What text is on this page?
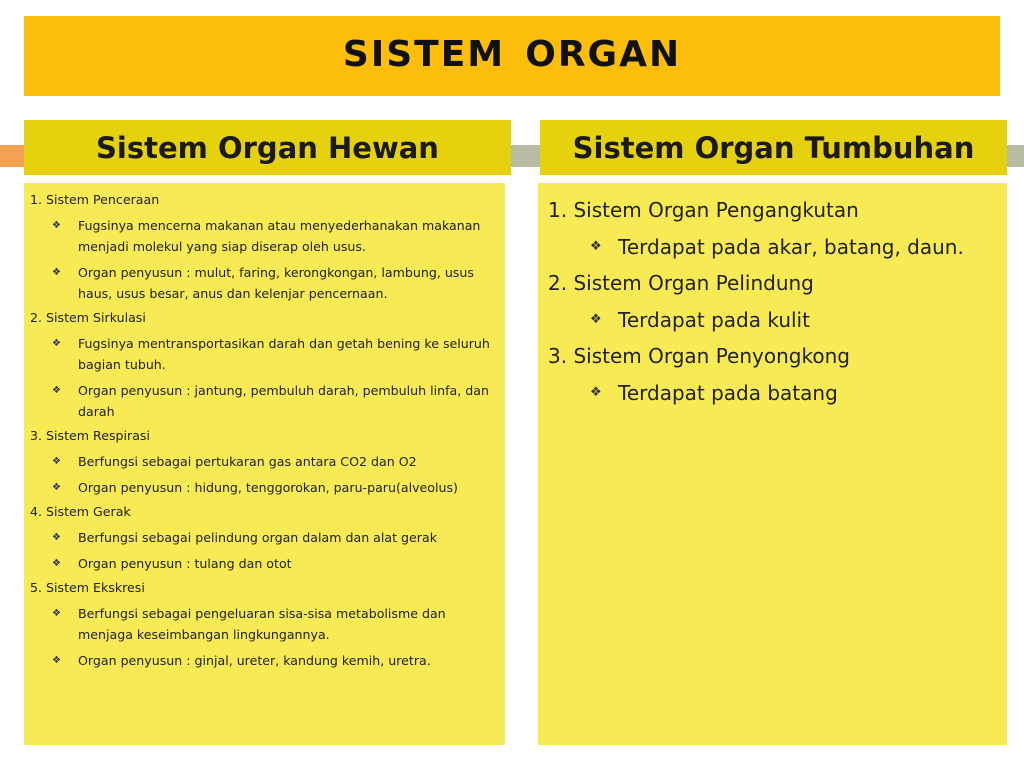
sistem organ
Sistem Organ Hewan	Sistem Organ Tumbuhan
1. Sistem Penceraan
❖	Fugsinya mencerna makanan atau menyederhanakan makanan menjadi molekul yang siap diserap oleh usus.
❖	Organ penyusun : mulut, faring, kerongkongan, lambung, usus haus, usus besar, anus dan kelenjar pencernaan.
2. Sistem Sirkulasi
❖	Fugsinya mentransportasikan darah dan getah bening ke seluruh bagian tubuh.
❖	Organ penyusun : jantung, pembuluh darah, pembuluh linfa, dan darah
3. Sistem Respirasi
❖	Berfungsi sebagai pertukaran gas antara CO2 dan O2
❖	Organ penyusun : hidung, tenggorokan, paru-paru(alveolus)
4. Sistem Gerak
❖	Berfungsi sebagai pelindung organ dalam dan alat gerak
❖	Organ penyusun : tulang dan otot
5. Sistem Ekskresi
❖	Berfungsi sebagai pengeluaran sisa-sisa metabolisme dan menjaga keseimbangan lingkungannya.
❖	Organ penyusun : ginjal, ureter, kandung kemih, uretra.
1. Sistem Organ Pengangkutan
❖ Terdapat pada akar, batang, daun.
2. Sistem Organ Pelindung
❖ Terdapat pada kulit
3. Sistem Organ Penyongkong
❖ Terdapat pada batang
